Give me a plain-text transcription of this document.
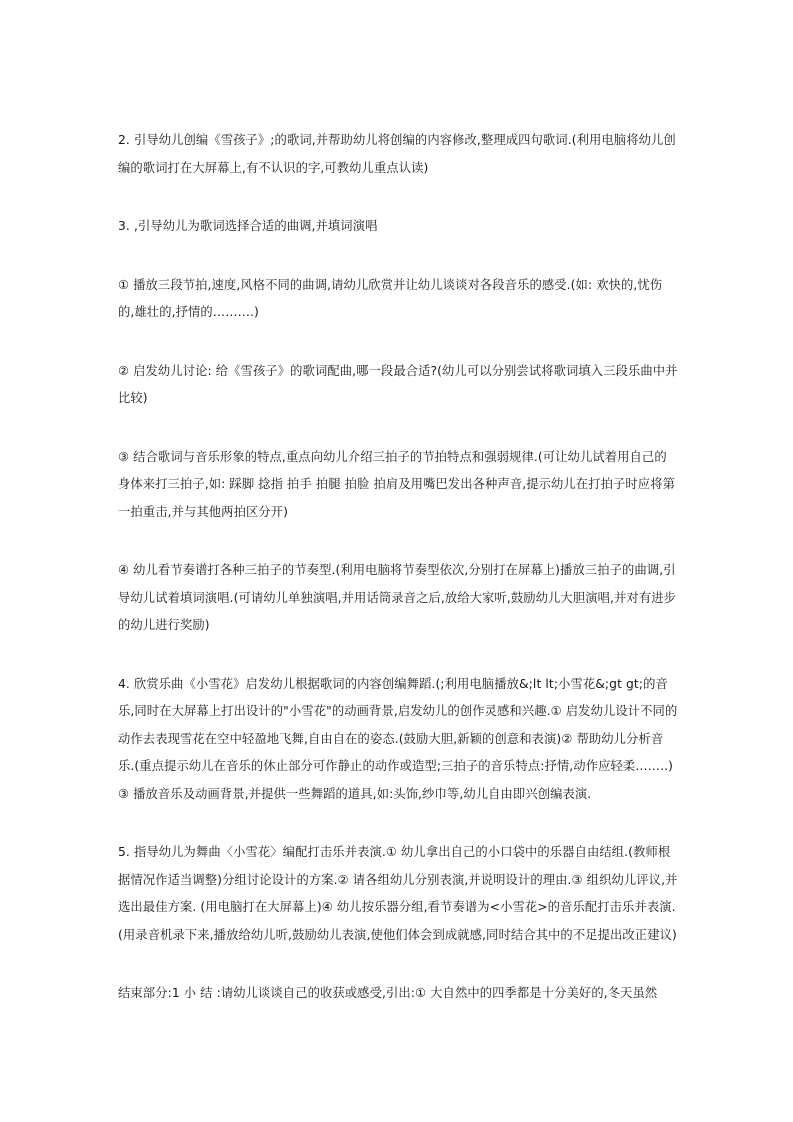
2. 引导幼儿创编《雪孩子》;的歌词,并帮助幼儿将创编的内容修改,整理成四句歌词.(利用电脑将幼儿创编的歌词打在大屏幕上,有不认识的字,可教幼儿重点认读)

3. ,引导幼儿为歌词选择合适的曲调,并填词演唱

① 播放三段节拍,速度,风格不同的曲调,请幼儿欣赏并让幼儿谈谈对各段音乐的感受.(如: 欢快的,忧伤的,雄壮的,抒情的……….)

② 启发幼儿讨论: 给《雪孩子》的歌词配曲,哪一段最合适?(幼儿可以分别尝试将歌词填入三段乐曲中并比较)

③ 结合歌词与音乐形象的特点,重点向幼儿介绍三拍子的节拍特点和强弱规律.(可让幼儿试着用自己的身体来打三拍子,如: 踩脚 捻指 拍手 拍腿 拍脸 拍肩及用嘴巴发出各种声音,提示幼儿在打拍子时应将第一拍重击,并与其他两拍区分开)

④ 幼儿看节奏谱打各种三拍子的节奏型.(利用电脑将节奏型依次,分别打在屏幕上)播放三拍子的曲调,引导幼儿试着填词演唱.(可请幼儿单独演唱,并用话筒录音之后,放给大家听,鼓励幼儿大胆演唱,并对有进步的幼儿进行奖励)

4. 欣赏乐曲《小雪花》启发幼儿根据歌词的内容创编舞蹈.(;利用电脑播放&;lt lt;小雪花&;gt gt;的音乐,同时在大屏幕上打出设计的"小雪花"的动画背景,启发幼儿的创作灵感和兴趣.① 启发幼儿设计不同的动作去表现雪花在空中轻盈地飞舞,自由自在的姿态.(鼓励大胆,新颖的创意和表演)② 帮助幼儿分析音乐.(重点提示幼儿在音乐的休止部分可作静止的动作或造型;三拍子的音乐特点:抒情,动作应轻柔……..)③ 播放音乐及动画背景,并提供一些舞蹈的道具,如:头饰,纱巾等,幼儿自由即兴创编表演.

5. 指导幼儿为舞曲〈小雪花〉编配打击乐并表演.① 幼儿拿出自己的小口袋中的乐器自由结组.(教师根据情况作适当调整)分组讨论设计的方案.② 请各组幼儿分别表演,并说明设计的理由.③ 组织幼儿评议,并选出最佳方案. (用电脑打在大屏幕上)④ 幼儿按乐器分组,看节奏谱为<小雪花>的音乐配打击乐并表演. (用录音机录下来,播放给幼儿听,鼓励幼儿表演,使他们体会到成就感,同时结合其中的不足提出改正建议)

结束部分:1 小 结 :请幼儿谈谈自己的收获或感受,引出:① 大自然中的四季都是十分美好的,冬天虽然
